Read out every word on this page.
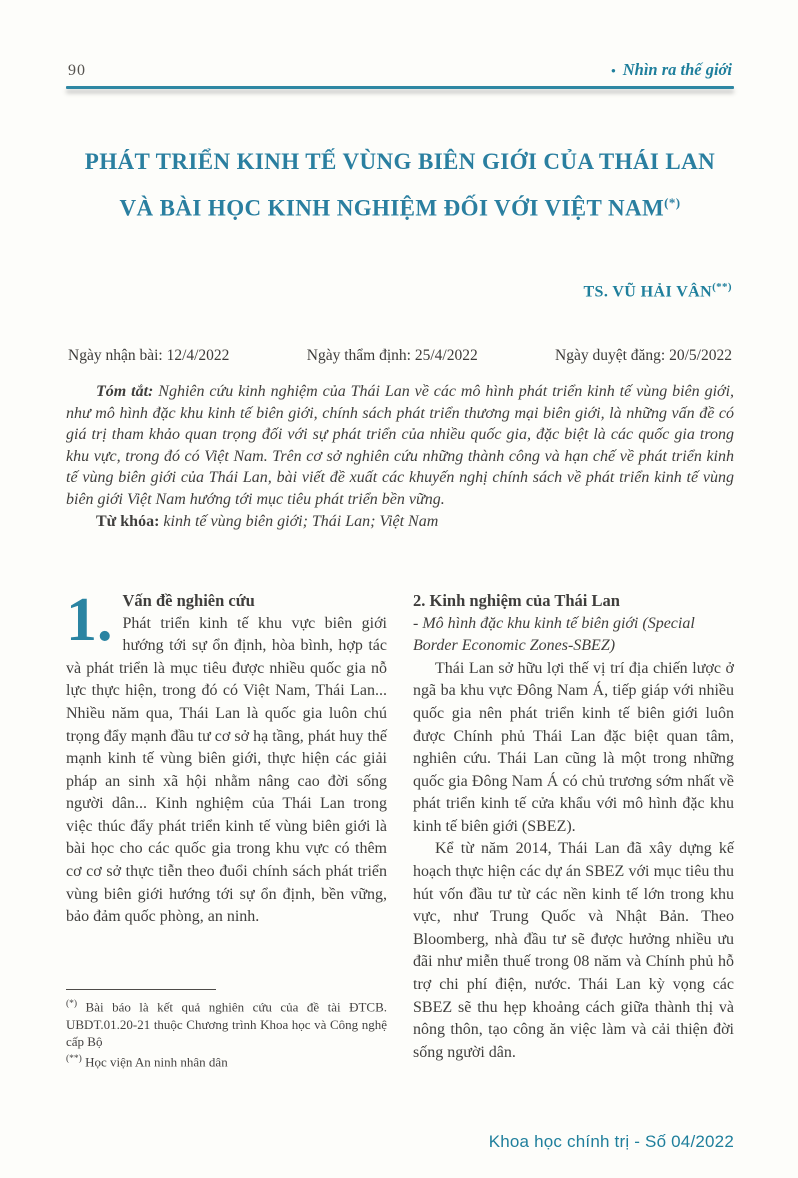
90	• Nhìn ra thế giới
PHÁT TRIỂN KINH TẾ VÙNG BIÊN GIỚI CỦA THÁI LAN
VÀ BÀI HỌC KINH NGHIỆM ĐỐI VỚI VIỆT NAM(*)
TS. VŨ HẢI VÂN(**)
Ngày nhận bài: 12/4/2022	Ngày thẩm định: 25/4/2022	Ngày duyệt đăng: 20/5/2022

Tóm tắt: Nghiên cứu kinh nghiệm của Thái Lan về các mô hình phát triển kinh tế vùng biên giới, như mô hình đặc khu kinh tế biên giới, chính sách phát triển thương mại biên giới, là những vấn đề có giá trị tham khảo quan trọng đối với sự phát triển của nhiều quốc gia, đặc biệt là các quốc gia trong khu vực, trong đó có Việt Nam. Trên cơ sở nghiên cứu những thành công và hạn chế về phát triển kinh tế vùng biên giới của Thái Lan, bài viết đề xuất các khuyến nghị chính sách về phát triển kinh tế vùng biên giới Việt Nam hướng tới mục tiêu phát triển bền vững.

Từ khóa: kinh tế vùng biên giới; Thái Lan; Việt Nam

1. Vấn đề nghiên cứu

Phát triển kinh tế khu vực biên giới hướng tới sự ổn định, hòa bình, hợp tác và phát triển là mục tiêu được nhiều quốc gia nỗ lực thực hiện, trong đó có Việt Nam, Thái Lan... Nhiều năm qua, Thái Lan là quốc gia luôn chú trọng đẩy mạnh đầu tư cơ sở hạ tầng, phát huy thế mạnh kinh tế vùng biên giới, thực hiện các giải pháp an sinh xã hội nhằm nâng cao đời sống người dân... Kinh nghiệm của Thái Lan trong việc thúc đẩy phát triển kinh tế vùng biên giới là bài học cho các quốc gia trong khu vực có thêm cơ cơ sở thực tiễn theo đuổi chính sách phát triển vùng biên giới hướng tới sự ổn định, bền vững, bảo đảm quốc phòng, an ninh.

(*) Bài báo là kết quả nghiên cứu của đề tài ĐTCB. UBDT.01.20-21 thuộc Chương trình Khoa học và Công nghệ cấp Bộ

(**) Học viện An ninh nhân dân

2. Kinh nghiệm của Thái Lan

- Mô hình đặc khu kinh tế biên giới (Special Border Economic Zones-SBEZ)

Thái Lan sở hữu lợi thế vị trí địa chiến lược ở ngã ba khu vực Đông Nam Á, tiếp giáp với nhiều quốc gia nên phát triển kinh tế biên giới luôn được Chính phủ Thái Lan đặc biệt quan tâm, nghiên cứu. Thái Lan cũng là một trong những quốc gia Đông Nam Á có chủ trương sớm nhất về phát triển kinh tế cửa khẩu với mô hình đặc khu kinh tế biên giới (SBEZ).

Kể từ năm 2014, Thái Lan đã xây dựng kế hoạch thực hiện các dự án SBEZ với mục tiêu thu hút vốn đầu tư từ các nền kinh tế lớn trong khu vực, như Trung Quốc và Nhật Bản. Theo Bloomberg, nhà đầu tư sẽ được hưởng nhiều ưu đãi như miễn thuế trong 08 năm và Chính phủ hỗ trợ chi phí điện, nước. Thái Lan kỳ vọng các SBEZ sẽ thu hẹp khoảng cách giữa thành thị và nông thôn, tạo công ăn việc làm và cải thiện đời sống người dân.

Khoa học chính trị - Số 04/2022
